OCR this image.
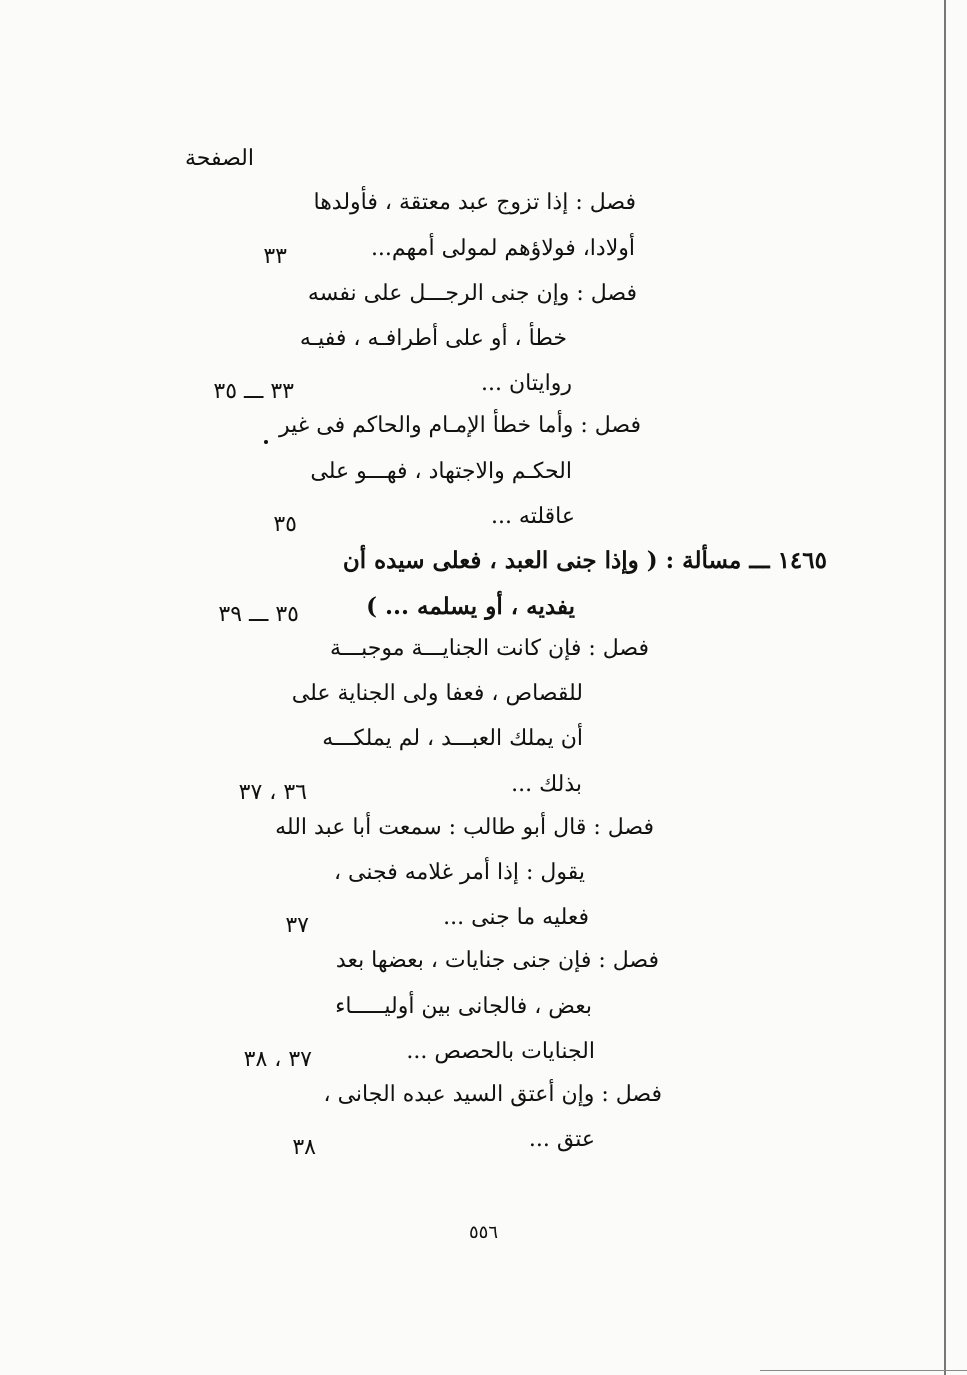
الصفحة
فصل : إذا تزوج عبد معتقة ، فأولدها
أولادا، فولاؤهم لمولى أمهم...
٣٣
فصل : وإن جنى الرجـــل على نفسه
خطأ ، أو على أطرافـه ، ففيـه
روايتان ...
٣٣ ـــ ٣٥
فصل : وأما خطأ الإمـام والحاكم فى غير
الحكـم والاجتهاد ، فهـــو على
عاقلته ...
٣٥
١٤٦٥ ـــ مسألة : ( وإذا جنى العبد ، فعلى سيده أن
يفديه ، أو يسلمه ... )
٣٥ ـــ ٣٩
فصل : فإن كانت الجنايـــة موجبـــة
للقصاص ، فعفا ولى الجناية على
أن يملك العبـــد ، لم يملكـــه
بذلك ...
٣٦ ، ٣٧
فصل : قال أبو طالب : سمعت أبا عبد الله
يقول : إذا أمر غلامه فجنى ،
فعليه ما جنى ...
٣٧
فصل : فإن جنى جنايات ، بعضها بعد
بعض ، فالجانى بين أوليـــــاء
الجنايات بالحصص ...
٣٧ ، ٣٨
فصل : وإن أعتق السيد عبده الجانى ،
عتق ...
٣٨
٥٥٦
